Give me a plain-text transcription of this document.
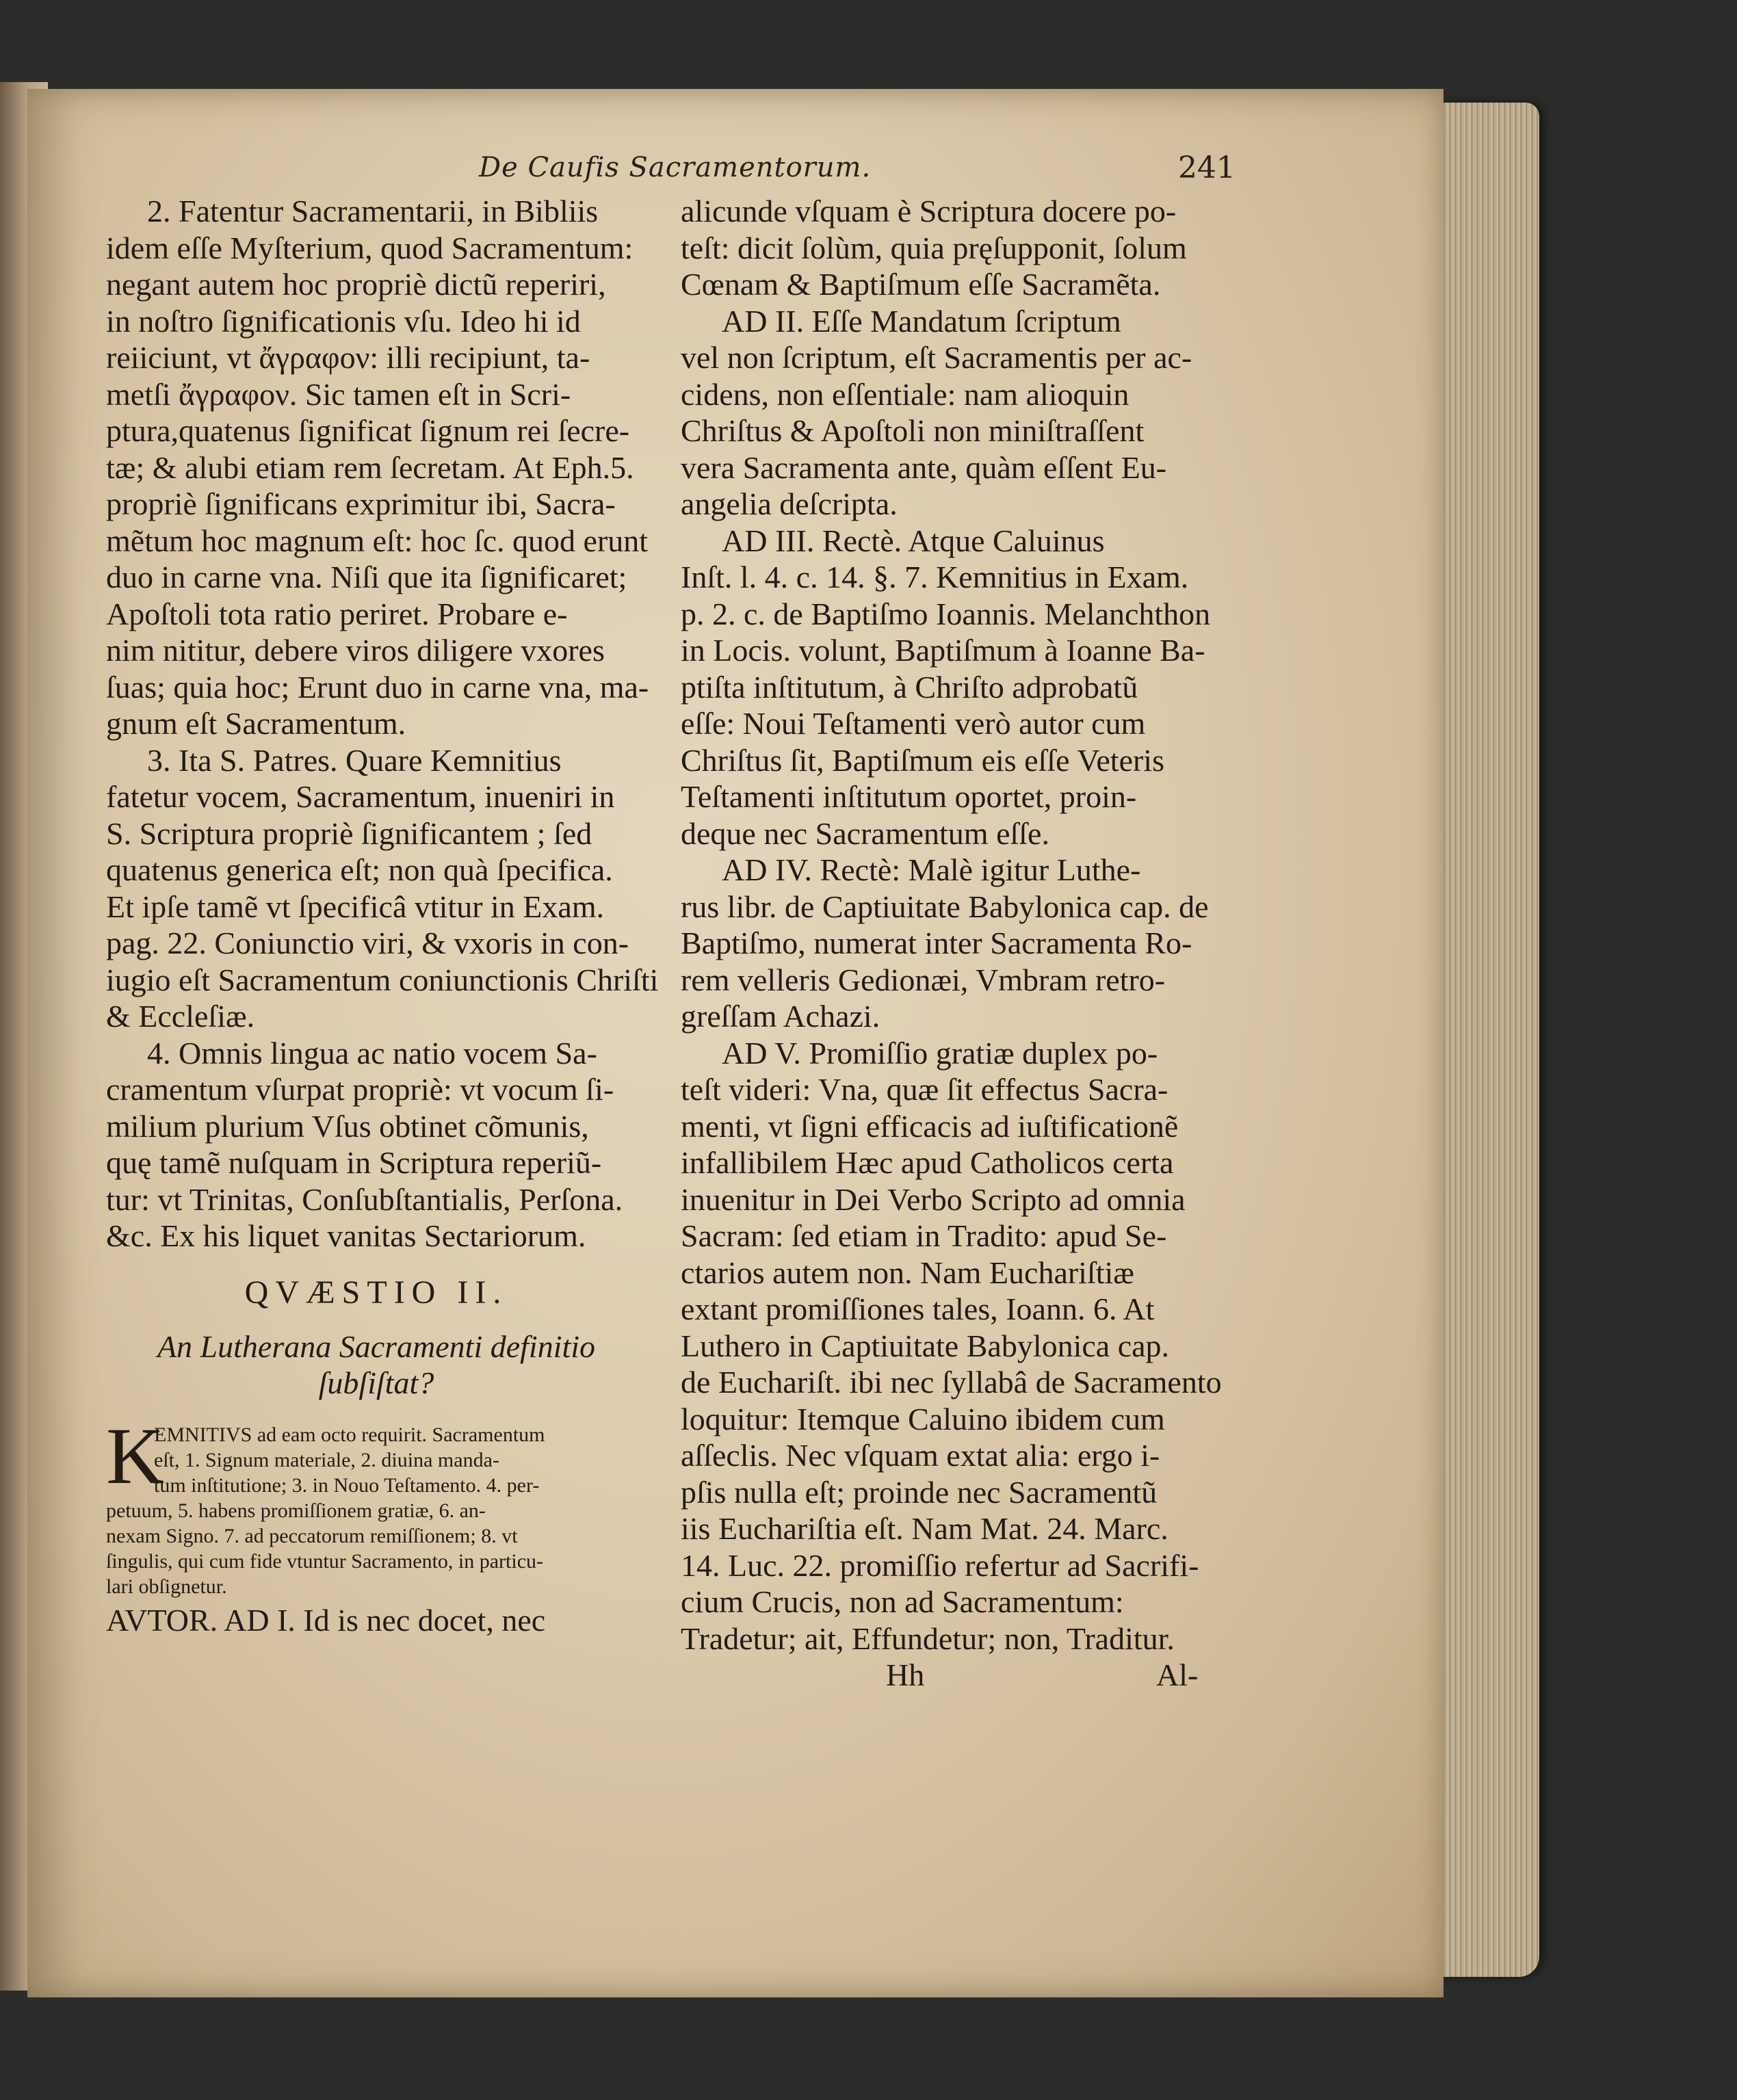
De Caufis Sacramentorum.	241
2. Fatentur Sacramentarii, in Bibliis
idem eſſe Myſterium, quod Sacramentum:
negant autem hoc propriè dictũ reperiri,
in noſtro ſignificationis vſu. Ideo hi id
reiiciunt, vt ἄγραφον: illi recipiunt, ta-
metſi ἄγραφον. Sic tamen eſt in Scri-
ptura,quatenus ſignificat ſignum rei ſecre-
tæ; & alubi etiam rem ſecretam. At Eph.5.
propriè ſignificans exprimitur ibi, Sacra-
mẽtum hoc magnum eſt: hoc ſc. quod erunt
duo in carne vna. Niſi que ita ſignificaret;
Apoſtoli tota ratio periret. Probare e-
nim nititur, debere viros diligere vxores
ſuas; quia hoc; Erunt duo in carne vna, ma-
gnum eſt Sacramentum.
3. Ita S. Patres. Quare Kemnitius
fatetur vocem, Sacramentum, inueniri in
S. Scriptura propriè ſignificantem ; ſed
quatenus generica eſt; non quà ſpecifica.
Et ipſe tamẽ vt ſpecificâ vtitur in Exam.
pag. 22. Coniunctio viri, & vxoris in con-
iugio eſt Sacramentum coniunctionis Chriſti
& Eccleſiæ.
4. Omnis lingua ac natio vocem Sa-
cramentum vſurpat propriè: vt vocum ſi-
milium plurium Vſus obtinet cõmunis,
quę tamẽ nuſquam in Scriptura reperiũ-
tur: vt Trinitas, Conſubſtantialis, Perſona.
&c. Ex his liquet vanitas Sectariorum.
QVÆSTIO II.
An Lutherana Sacramenti definitio
ſubſiſtat?
K
EMNITIVS ad eam octo requirit. Sacramentum
eſt, 1. Signum materiale, 2. diuina manda-
tum inſtitutione; 3. in Nouo Teſtamento. 4. per-
petuum, 5. habens promiſſionem gratiæ, 6. an-
nexam Signo. 7. ad peccatorum remiſſionem; 8. vt
ſingulis, qui cum fide vtuntur Sacramento, in particu-
lari obſignetur.
AVTOR. AD I. Id is nec docet, nec
alicunde vſquam è Scriptura docere po-
teſt: dicit ſolùm, quia pręſupponit, ſolum
Cœnam & Baptiſmum eſſe Sacramẽta.
AD II. Eſſe Mandatum ſcriptum
vel non ſcriptum, eſt Sacramentis per ac-
cidens, non eſſentiale: nam alioquin
Chriſtus & Apoſtoli non miniſtraſſent
vera Sacramenta ante, quàm eſſent Eu-
angelia deſcripta.
AD III. Rectè. Atque Caluinus
Inſt. l. 4. c. 14. §. 7. Kemnitius in Exam.
p. 2. c. de Baptiſmo Ioannis. Melanchthon
in Locis. volunt, Baptiſmum à Ioanne Ba-
ptiſta inſtitutum, à Chriſto adprobatũ
eſſe: Noui Teſtamenti verò autor cum
Chriſtus ſit, Baptiſmum eis eſſe Veteris
Teſtamenti inſtitutum oportet, proin-
deque nec Sacramentum eſſe.
AD IV. Rectè: Malè igitur Luthe-
rus libr. de Captiuitate Babylonica cap. de
Baptiſmo, numerat inter Sacramenta Ro-
rem velleris Gedionæi, Vmbram retro-
greſſam Achazi.
AD V. Promiſſio gratiæ duplex po-
teſt videri: Vna, quæ ſit effectus Sacra-
menti, vt ſigni efficacis ad iuſtificationẽ
infallibilem Hæc apud Catholicos certa
inuenitur in Dei Verbo Scripto ad omnia
Sacram: ſed etiam in Tradito: apud Se-
ctarios autem non. Nam Euchariſtiæ
extant promiſſiones tales, Ioann. 6. At
Luthero in Captiuitate Babylonica cap.
de Euchariſt. ibi nec ſyllabâ de Sacramento
loquitur: Itemque Caluino ibidem cum
aſſeclis. Nec vſquam extat alia: ergo i-
pſis nulla eſt; proinde nec Sacramentũ
iis Euchariſtia eſt. Nam Mat. 24. Marc.
14. Luc. 22. promiſſio refertur ad Sacrifi-
cium Crucis, non ad Sacramentum:
Tradetur; ait, Effundetur; non, Traditur.
Hh	Al-
